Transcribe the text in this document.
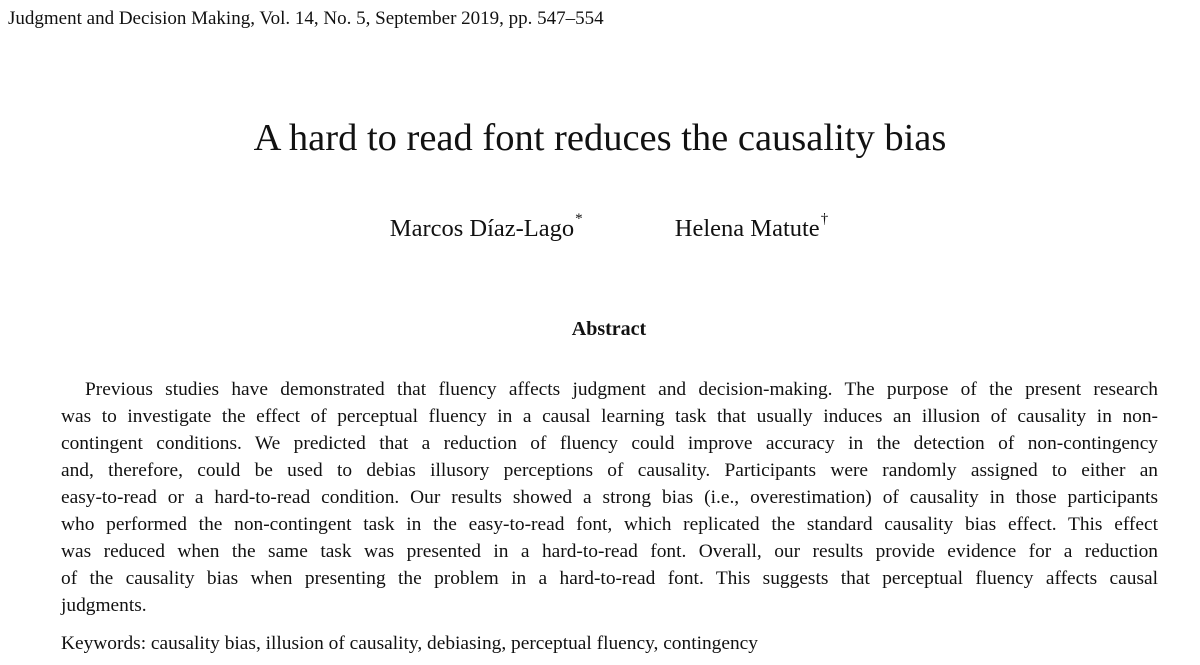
Judgment and Decision Making, Vol. 14, No. 5, September 2019, pp. 547–554
A hard to read font reduces the causality bias
Marcos Díaz-Lago*	Helena Matute†
Abstract

Previous studies have demonstrated that fluency affects judgment and decision-making. The purpose of the present research
was to investigate the effect of perceptual fluency in a causal learning task that usually induces an illusion of causality in non-
contingent conditions. We predicted that a reduction of fluency could improve accuracy in the detection of non-contingency
and, therefore, could be used to debias illusory perceptions of causality. Participants were randomly assigned to either an
easy-to-read or a hard-to-read condition. Our results showed a strong bias (i.e., overestimation) of causality in those participants
who performed the non-contingent task in the easy-to-read font, which replicated the standard causality bias effect. This effect
was reduced when the same task was presented in a hard-to-read font. Overall, our results provide evidence for a reduction
of the causality bias when presenting the problem in a hard-to-read font. This suggests that perceptual fluency affects causal
judgments.

Keywords: causality bias, illusion of causality, debiasing, perceptual fluency, contingency
